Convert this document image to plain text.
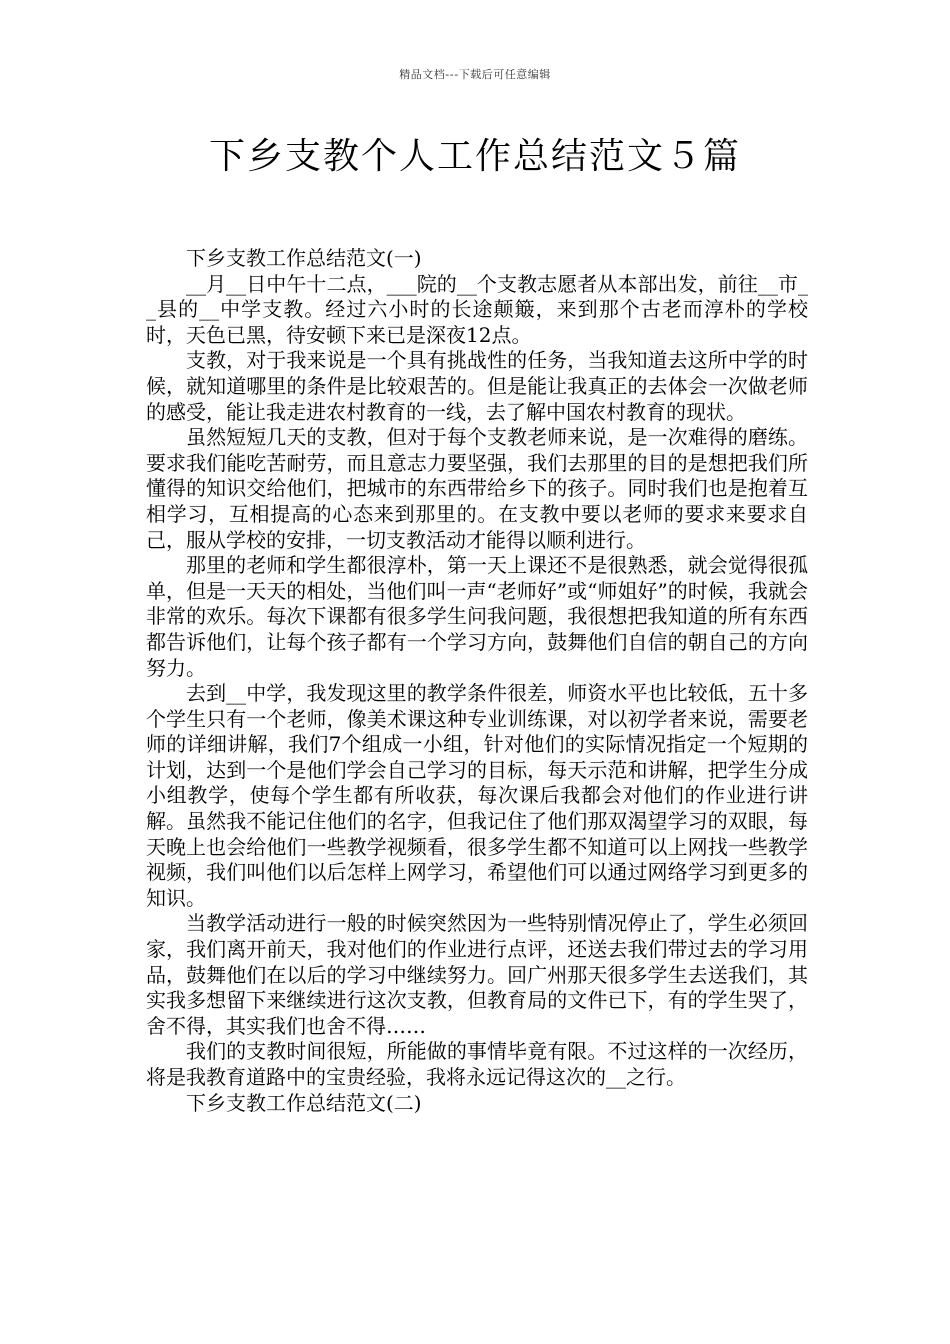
精品文档---下载后可任意编辑
下乡支教个人工作总结范文５篇

下乡支教工作总结范文(一)

__月__日中午十二点，___院的__个支教志愿者从本部出发，前往__市__县的__中学支教。经过六小时的长途颠簸，来到那个古老而淳朴的学校时，天色已黑，待安顿下来已是深夜12点。

支教，对于我来说是一个具有挑战性的任务，当我知道去这所中学的时候，就知道哪里的条件是比较艰苦的。但是能让我真正的去体会一次做老师的感受，能让我走进农村教育的一线，去了解中国农村教育的现状。

虽然短短几天的支教，但对于每个支教老师来说，是一次难得的磨练。要求我们能吃苦耐劳，而且意志力要坚强，我们去那里的目的是想把我们所懂得的知识交给他们，把城市的东西带给乡下的孩子。同时我们也是抱着互相学习，互相提高的心态来到那里的。在支教中要以老师的要求来要求自己，服从学校的安排，一切支教活动才能得以顺利进行。

那里的老师和学生都很淳朴，第一天上课还不是很熟悉，就会觉得很孤单，但是一天天的相处，当他们叫一声“老师好”或“师姐好”的时候，我就会非常的欢乐。每次下课都有很多学生问我问题，我很想把我知道的所有东西都告诉他们，让每个孩子都有一个学习方向，鼓舞他们自信的朝自己的方向努力。

去到__中学，我发现这里的教学条件很差，师资水平也比较低，五十多个学生只有一个老师，像美术课这种专业训练课，对以初学者来说，需要老师的详细讲解，我们7个组成一小组，针对他们的实际情况指定一个短期的计划，达到一个是他们学会自己学习的目标，每天示范和讲解，把学生分成小组教学，使每个学生都有所收获，每次课后我都会对他们的作业进行讲解。虽然我不能记住他们的名字，但我记住了他们那双渴望学习的双眼，每天晚上也会给他们一些教学视频看，很多学生都不知道可以上网找一些教学视频，我们叫他们以后怎样上网学习，希望他们可以通过网络学习到更多的知识。

当教学活动进行一般的时候突然因为一些特别情况停止了，学生必须回家，我们离开前天，我对他们的作业进行点评，还送去我们带过去的学习用品，鼓舞他们在以后的学习中继续努力。回广州那天很多学生去送我们，其实我多想留下来继续进行这次支教，但教育局的文件已下，有的学生哭了，舍不得，其实我们也舍不得……

我们的支教时间很短，所能做的事情毕竟有限。不过这样的一次经历，将是我教育道路中的宝贵经验，我将永远记得这次的__之行。

下乡支教工作总结范文(二)
